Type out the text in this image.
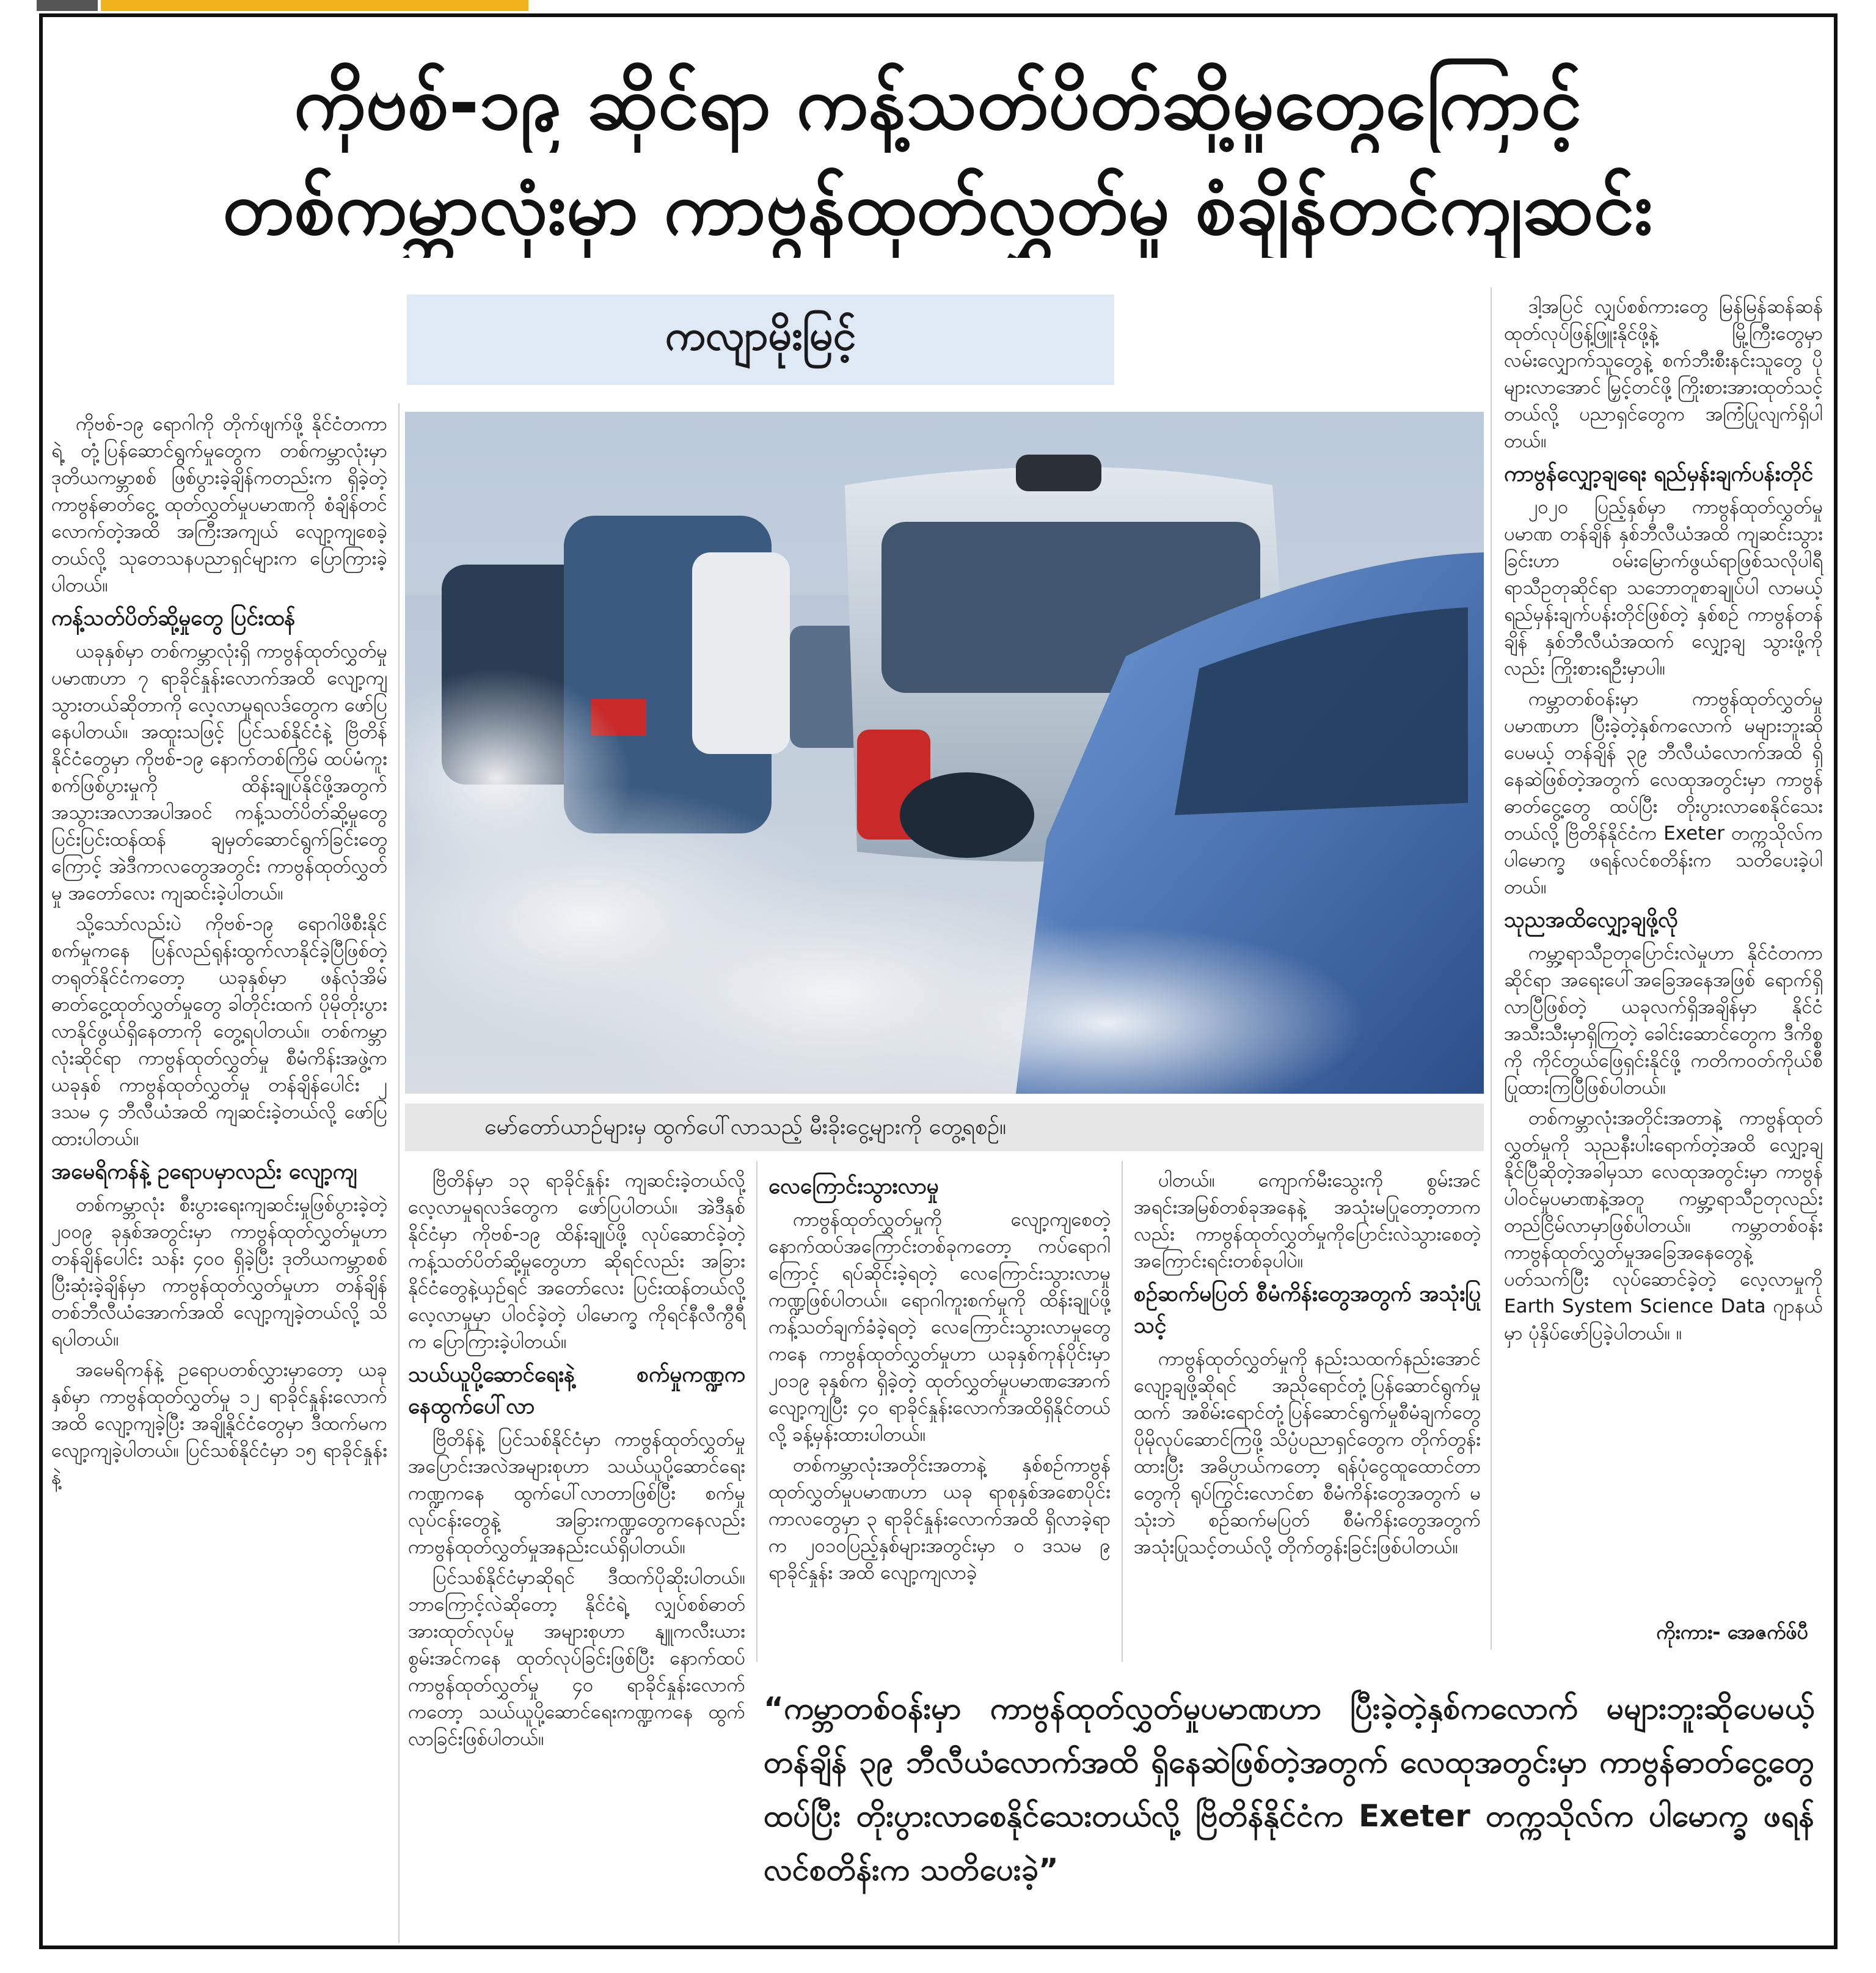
ကိုဗစ်-၁၉ ဆိုင်ရာ ကန့်သတ်ပိတ်ဆို့မှုတွေကြောင့်
တစ်ကမ္ဘာလုံးမှာ ကာဗွန်ထုတ်လွှတ်မှု စံချိန်တင်ကျဆင်း
ကလျာမိုးမြင့်
မော်တော်ယာဉ်များမှ ထွက်ပေါ်လာသည့် မီးခိုးငွေ့များကို တွေ့ရစဉ်။

ကိုဗစ်-၁၉ ရောဂါကို တိုက်ဖျက်ဖို့ နိုင်ငံတကာရဲ့ တုံ့ပြန်ဆောင်ရွက်မှုတွေက တစ်ကမ္ဘာလုံးမှာ ဒုတိယကမ္ဘာစစ် ဖြစ်ပွားခဲ့ချိန်ကတည်းက ရှိခဲ့တဲ့ ကာဗွန်ဓာတ်ငွေ့ ထုတ်လွှတ်မှုပမာဏကို စံချိန်တင်လောက်တဲ့အထိ အကြီးအကျယ် လျော့ကျစေခဲ့တယ်လို့ သုတေသနပညာရှင်များက ပြောကြားခဲ့ပါတယ်။

ကန့်သတ်ပိတ်ဆို့မှုတွေ ပြင်းထန်

ယခုနှစ်မှာ တစ်ကမ္ဘာလုံးရှိ ကာဗွန်ထုတ်လွှတ်မှုပမာဏဟာ ၇ ရာခိုင်နှုန်းလောက်အထိ လျော့ကျသွားတယ်ဆိုတာကို လေ့လာမှုရလဒ်တွေက ဖော်ပြနေပါတယ်။ အထူးသဖြင့် ပြင်သစ်နိုင်ငံနဲ့ ဗြိတိန်နိုင်ငံတွေမှာ ကိုဗစ်-၁၉ နောက်တစ်ကြိမ် ထပ်မံကူးစက်ဖြစ်ပွားမှုကို ထိန်းချုပ်နိုင်ဖို့အတွက် အသွားအလာအပါအဝင် ကန့်သတ်ပိတ်ဆို့မှုတွေ ပြင်းပြင်းထန်ထန် ချမှတ်ဆောင်ရွက်ခြင်းတွေကြောင့် အဲဒီကာလတွေအတွင်း ကာဗွန်ထုတ်လွှတ်မှု အတော်လေး ကျဆင်းခဲ့ပါတယ်။

သို့သော်လည်းပဲ ကိုဗစ်-၁၉ ရောဂါဖိစီးနိုင်စက်မှုကနေ ပြန်လည်ရုန်းထွက်လာနိုင်ခဲ့ပြီဖြစ်တဲ့ တရုတ်နိုင်ငံကတော့ ယခုနှစ်မှာ ဖန်လုံအိမ်ဓာတ်ငွေ့ထုတ်လွှတ်မှုတွေ ခါတိုင်းထက် ပိုမိုတိုးပွားလာနိုင်ဖွယ်ရှိနေတာကို တွေ့ရပါတယ်။ တစ်ကမ္ဘာလုံးဆိုင်ရာ ကာဗွန်ထုတ်လွှတ်မှု စီမံကိန်းအဖွဲ့က ယခုနှစ် ကာဗွန်ထုတ်လွှတ်မှု တန်ချိန်ပေါင်း ၂ ဒသမ ၄ ဘီလီယံအထိ ကျဆင်းခဲ့တယ်လို့ ဖော်ပြထားပါတယ်။

အမေရိကန်နဲ့ ဥရောပမှာလည်း လျော့ကျ

တစ်ကမ္ဘာလုံး စီးပွားရေးကျဆင်းမှုဖြစ်ပွားခဲ့တဲ့ ၂၀၀၉ ခုနှစ်အတွင်းမှာ ကာဗွန်ထုတ်လွှတ်မှုဟာ တန်ချိန်ပေါင်း သန်း ၄၀၀ ရှိခဲ့ပြီး ဒုတိယကမ္ဘာစစ်ပြီးဆုံးခဲ့ချိန်မှာ ကာဗွန်ထုတ်လွှတ်မှုဟာ တန်ချိန် တစ်ဘီလီယံအောက်အထိ လျော့ကျခဲ့တယ်လို့ သိရပါတယ်။

အမေရိကန်နဲ့ ဥရောပတစ်လွှားမှာတော့ ယခုနှစ်မှာ ကာဗွန်ထုတ်လွှတ်မှု ၁၂ ရာခိုင်နှုန်းလောက်အထိ လျော့ကျခဲ့ပြီး အချို့နိုင်ငံတွေမှာ ဒီထက်မက လျော့ကျခဲ့ပါတယ်။ ပြင်သစ်နိုင်ငံမှာ ၁၅ ရာခိုင်နှုန်းနဲ့

ဗြိတိန်မှာ ၁၃ ရာခိုင်နှုန်း ကျဆင်းခဲ့တယ်လို့ လေ့လာမှုရလဒ်တွေက ဖော်ပြပါတယ်။ အဲဒီနှစ်နိုင်ငံမှာ ကိုဗစ်-၁၉ ထိန်းချုပ်ဖို့ လုပ်ဆောင်ခဲ့တဲ့ ကန့်သတ်ပိတ်ဆို့မှုတွေဟာ ဆိုရင်လည်း အခြားနိုင်ငံတွေနဲ့ယှဉ်ရင် အတော်လေး ပြင်းထန်တယ်လို့ လေ့လာမှုမှာ ပါဝင်ခဲ့တဲ့ ပါမောက္ခ ကိုရင်နီလီကွီရီက ပြောကြားခဲ့ပါတယ်။

သယ်ယူပို့ဆောင်ရေးနဲ့ စက်မှုကဏ္ဍကနေထွက်ပေါ်လာ

ဗြိတိန်နဲ့ ပြင်သစ်နိုင်ငံမှာ ကာဗွန်ထုတ်လွှတ်မှုအပြောင်းအလဲအများစုဟာ သယ်ယူပို့ဆောင်ရေးကဏ္ဍကနေ ထွက်ပေါ်လာတာဖြစ်ပြီး စက်မှုလုပ်ငန်းတွေနဲ့ အခြားကဏ္ဍတွေကနေလည်း ကာဗွန်ထုတ်လွှတ်မှုအနည်းငယ်ရှိပါတယ်။

ပြင်သစ်နိုင်ငံမှာဆိုရင် ဒီထက်ပိုဆိုးပါတယ်။ ဘာကြောင့်လဲဆိုတော့ နိုင်ငံရဲ့ လျှပ်စစ်ဓာတ်အားထုတ်လုပ်မှု အများစုဟာ နျူကလီးယားစွမ်းအင်ကနေ ထုတ်လုပ်ခြင်းဖြစ်ပြီး နောက်ထပ် ကာဗွန်ထုတ်လွှတ်မှု ၄၀ ရာခိုင်နှုန်းလောက်ကတော့ သယ်ယူပို့ဆောင်ရေးကဏ္ဍကနေ ထွက်လာခြင်းဖြစ်ပါတယ်။

လေကြောင်းသွားလာမှု

ကာဗွန်ထုတ်လွှတ်မှုကို လျော့ကျစေတဲ့ နောက်ထပ်အကြောင်းတစ်ခုကတော့ ကပ်ရောဂါကြောင့် ရပ်ဆိုင်းခဲ့ရတဲ့ လေကြောင်းသွားလာမှုကဏ္ဍဖြစ်ပါတယ်။ ရောဂါကူးစက်မှုကို ထိန်းချုပ်ဖို့ ကန့်သတ်ချက်ခံခဲ့ရတဲ့ လေကြောင်းသွားလာမှုတွေကနေ ကာဗွန်ထုတ်လွှတ်မှုဟာ ယခုနှစ်ကုန်ပိုင်းမှာ ၂၀၁၉ ခုနှစ်က ရှိခဲ့တဲ့ ထုတ်လွှတ်မှုပမာဏအောက် လျော့ကျပြီး ၄၀ ရာခိုင်နှုန်းလောက်အထိရှိနိုင်တယ်လို့ ခန့်မှန်းထားပါတယ်။

တစ်ကမ္ဘာလုံးအတိုင်းအတာနဲ့ နှစ်စဉ်ကာဗွန်ထုတ်လွှတ်မှုပမာဏဟာ ယခု ရာစုနှစ်အစောပိုင်းကာလတွေမှာ ၃ ရာခိုင်နှုန်းလောက်အထိ ရှိလာခဲ့ရာက ၂၀၁၀ပြည့်နှစ်များအတွင်းမှာ ၀ ဒသမ ၉ ရာခိုင်နှုန်း အထိ လျော့ကျလာခဲ့

ပါတယ်။ ကျောက်မီးသွေးကို စွမ်းအင်အရင်းအမြစ်တစ်ခုအနေနဲ့ အသုံးမပြုတော့တာကလည်း ကာဗွန်ထုတ်လွှတ်မှုကိုပြောင်းလဲသွားစေတဲ့ အကြောင်းရင်းတစ်ခုပါပဲ။

စဉ်ဆက်မပြတ် စီမံကိန်းတွေအတွက် အသုံးပြုသင့်

ကာဗွန်ထုတ်လွှတ်မှုကို နည်းသထက်နည်းအောင် လျော့ချဖို့ဆိုရင် အညိုရောင်တုံ့ပြန်ဆောင်ရွက်မှုထက် အစိမ်းရောင်တုံ့ပြန်ဆောင်ရွက်မှုစီမံချက်တွေ ပိုမိုလုပ်ဆောင်ကြဖို့ သိပ္ပံပညာရှင်တွေက တိုက်တွန်းထားပြီး အဓိပ္ပာယ်ကတော့ ရန်ပုံငွေထူထောင်တာတွေကို ရုပ်ကြွင်းလောင်စာ စီမံကိန်းတွေအတွက် မသုံးဘဲ စဉ်ဆက်မပြတ် စီမံကိန်းတွေအတွက် အသုံးပြုသင့်တယ်လို့ တိုက်တွန်းခြင်းဖြစ်ပါတယ်။

ဒါ့အပြင် လျှပ်စစ်ကားတွေ မြန်မြန်ဆန်ဆန် ထုတ်လုပ်ဖြန့်ဖြူးနိုင်ဖို့နဲ့ မြို့ကြီးတွေမှာ လမ်းလျှောက်သူတွေနဲ့ စက်ဘီးစီးနင်းသူတွေ ပိုများလာအောင် မြှင့်တင်ဖို့ ကြိုးစားအားထုတ်သင့်တယ်လို့ ပညာရှင်တွေက အကြံပြုလျက်ရှိပါတယ်။

ကာဗွန်လျှော့ချရေး ရည်မှန်းချက်ပန်းတိုင်

၂၀၂၀ ပြည့်နှစ်မှာ ကာဗွန်ထုတ်လွှတ်မှုပမာဏ တန်ချိန် နှစ်ဘီလီယံအထိ ကျဆင်းသွားခြင်းဟာ ဝမ်းမြောက်ဖွယ်ရာဖြစ်သလိုပါရီ ရာသီဥတုဆိုင်ရာ သဘောတူစာချုပ်ပါ လာမယ့် ရည်မှန်းချက်ပန်းတိုင်ဖြစ်တဲ့ နှစ်စဉ် ကာဗွန်တန်ချိန် နှစ်ဘီလီယံအထက် လျှော့ချ သွားဖို့ကိုလည်း ကြိုးစားရဦးမှာပါ။

ကမ္ဘာတစ်ဝန်းမှာ ကာဗွန်ထုတ်လွှတ်မှုပမာဏဟာ ပြီးခဲ့တဲ့နှစ်ကလောက် မများဘူးဆိုပေမယ့် တန်ချိန် ၃၉ ဘီလီယံလောက်အထိ ရှိနေဆဲဖြစ်တဲ့အတွက် လေထုအတွင်းမှာ ကာဗွန်ဓာတ်ငွေ့တွေ ထပ်ပြီး တိုးပွားလာစေနိုင်သေးတယ်လို့ ဗြိတိန်နိုင်ငံက Exeter တက္ကသိုလ်က ပါမောက္ခ ဖရန်လင်စတိန်းက သတိပေးခဲ့ပါတယ်။

သုညအထိလျှော့ချဖို့လို

ကမ္ဘာ့ရာသီဥတုပြောင်းလဲမှုဟာ နိုင်ငံတကာဆိုင်ရာ အရေးပေါ်အခြေအနေအဖြစ် ရောက်ရှိလာပြီဖြစ်တဲ့ ယခုလက်ရှိအချိန်မှာ နိုင်ငံအသီးသီးမှာရှိကြတဲ့ ခေါင်းဆောင်တွေက ဒီကိစ္စကို ကိုင်တွယ်ဖြေရှင်းနိုင်ဖို့ ကတိကဝတ်ကိုယ်စီ ပြုထားကြပြီဖြစ်ပါတယ်။

တစ်ကမ္ဘာလုံးအတိုင်းအတာနဲ့ ကာဗွန်ထုတ်လွှတ်မှုကို သုညနီးပါးရောက်တဲ့အထိ လျှော့ချနိုင်ပြီဆိုတဲ့အခါမှသာ လေထုအတွင်းမှာ ကာဗွန်ပါဝင်မှုပမာဏနဲ့အတူ ကမ္ဘာ့ရာသီဥတုလည်း တည်ငြိမ်လာမှာဖြစ်ပါတယ်။ ကမ္ဘာတစ်ဝန်း ကာဗွန်ထုတ်လွှတ်မှုအခြေအနေတွေနဲ့ ပတ်သက်ပြီး လုပ်ဆောင်ခဲ့တဲ့ လေ့လာမှုကို Earth System Science Data ဂျာနယ်မှာ ပုံနှိပ်ဖော်ပြခဲ့ပါတယ်။ ။

ကိုးကား- အေဇက်ဖ်ပီ
“ကမ္ဘာတစ်ဝန်းမှာ ကာဗွန်ထုတ်လွှတ်မှုပမာဏဟာ ပြီးခဲ့တဲ့နှစ်ကလောက် မများဘူးဆိုပေမယ့် တန်ချိန် ၃၉ ဘီလီယံလောက်အထိ ရှိနေဆဲဖြစ်တဲ့အတွက် လေထုအတွင်းမှာ ကာဗွန်ဓာတ်ငွေ့တွေ ထပ်ပြီး တိုးပွားလာစေနိုင်သေးတယ်လို့ ဗြိတိန်နိုင်ငံက Exeter တက္ကသိုလ်က ပါမောက္ခ ဖရန်လင်စတိန်းက သတိပေးခဲ့”
